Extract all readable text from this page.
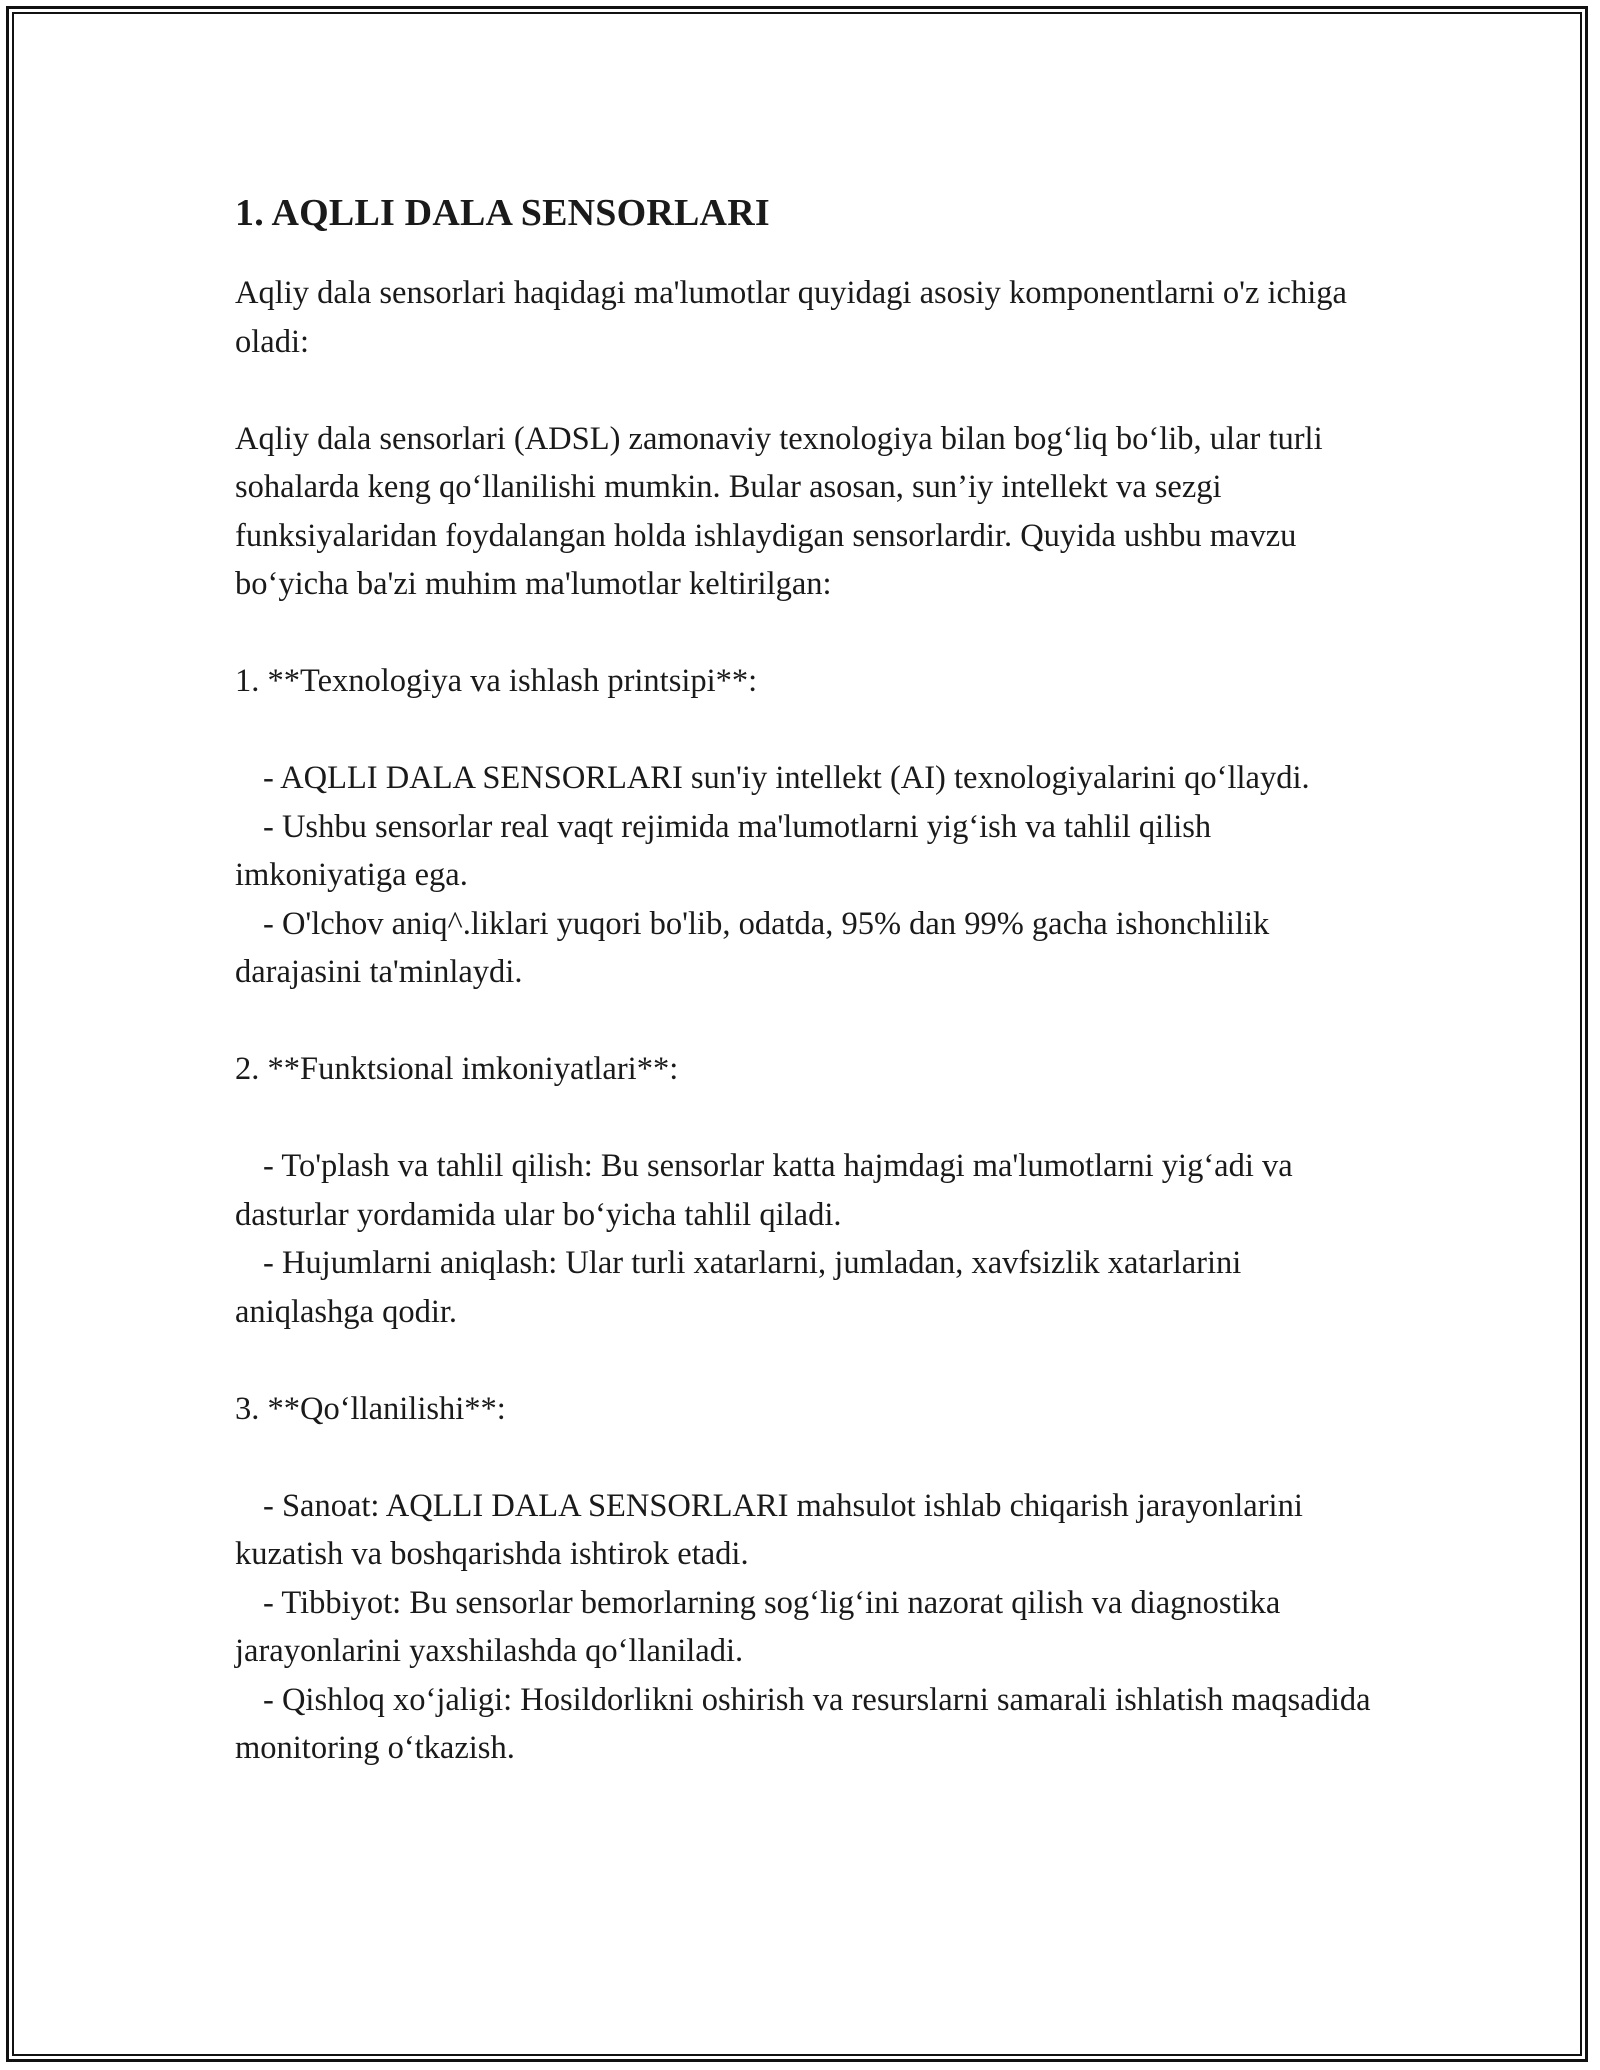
1. AQLLI DALA SENSORLARI

Aqliy dala sensorlari haqidagi ma'lumotlar quyidagi asosiy komponentlarni o'z ichiga oladi:

Aqliy dala sensorlari (ADSL) zamonaviy texnologiya bilan bog‘liq bo‘lib, ular turli sohalarda keng qo‘llanilishi mumkin. Bular asosan, sun’iy intellekt va sezgi funksiyalaridan foydalangan holda ishlaydigan sensorlardir. Quyida ushbu mavzu bo‘yicha ba'zi muhim ma'lumotlar keltirilgan:

1. **Texnologiya va ishlash printsipi**:

- AQLLI DALA SENSORLARI sun'iy intellekt (AI) texnologiyalarini qo‘llaydi.

- Ushbu sensorlar real vaqt rejimida ma'lumotlarni yig‘ish va tahlil qilish imkoniyatiga ega.

- O'lchov aniq^.liklari yuqori bo'lib, odatda, 95% dan 99% gacha ishonchlilik darajasini ta'minlaydi.

2. **Funktsional imkoniyatlari**:

- To'plash va tahlil qilish: Bu sensorlar katta hajmdagi ma'lumotlarni yig‘adi va dasturlar yordamida ular bo‘yicha tahlil qiladi.

- Hujumlarni aniqlash: Ular turli xatarlarni, jumladan, xavfsizlik xatarlarini aniqlashga qodir.

3. **Qo‘llanilishi**:

- Sanoat: AQLLI DALA SENSORLARI mahsulot ishlab chiqarish jarayonlarini kuzatish va boshqarishda ishtirok etadi.

- Tibbiyot: Bu sensorlar bemorlarning sog‘lig‘ini nazorat qilish va diagnostika jarayonlarini yaxshilashda qo‘llaniladi.

- Qishloq xo‘jaligi: Hosildorlikni oshirish va resurslarni samarali ishlatish maqsadida monitoring o‘tkazish.
